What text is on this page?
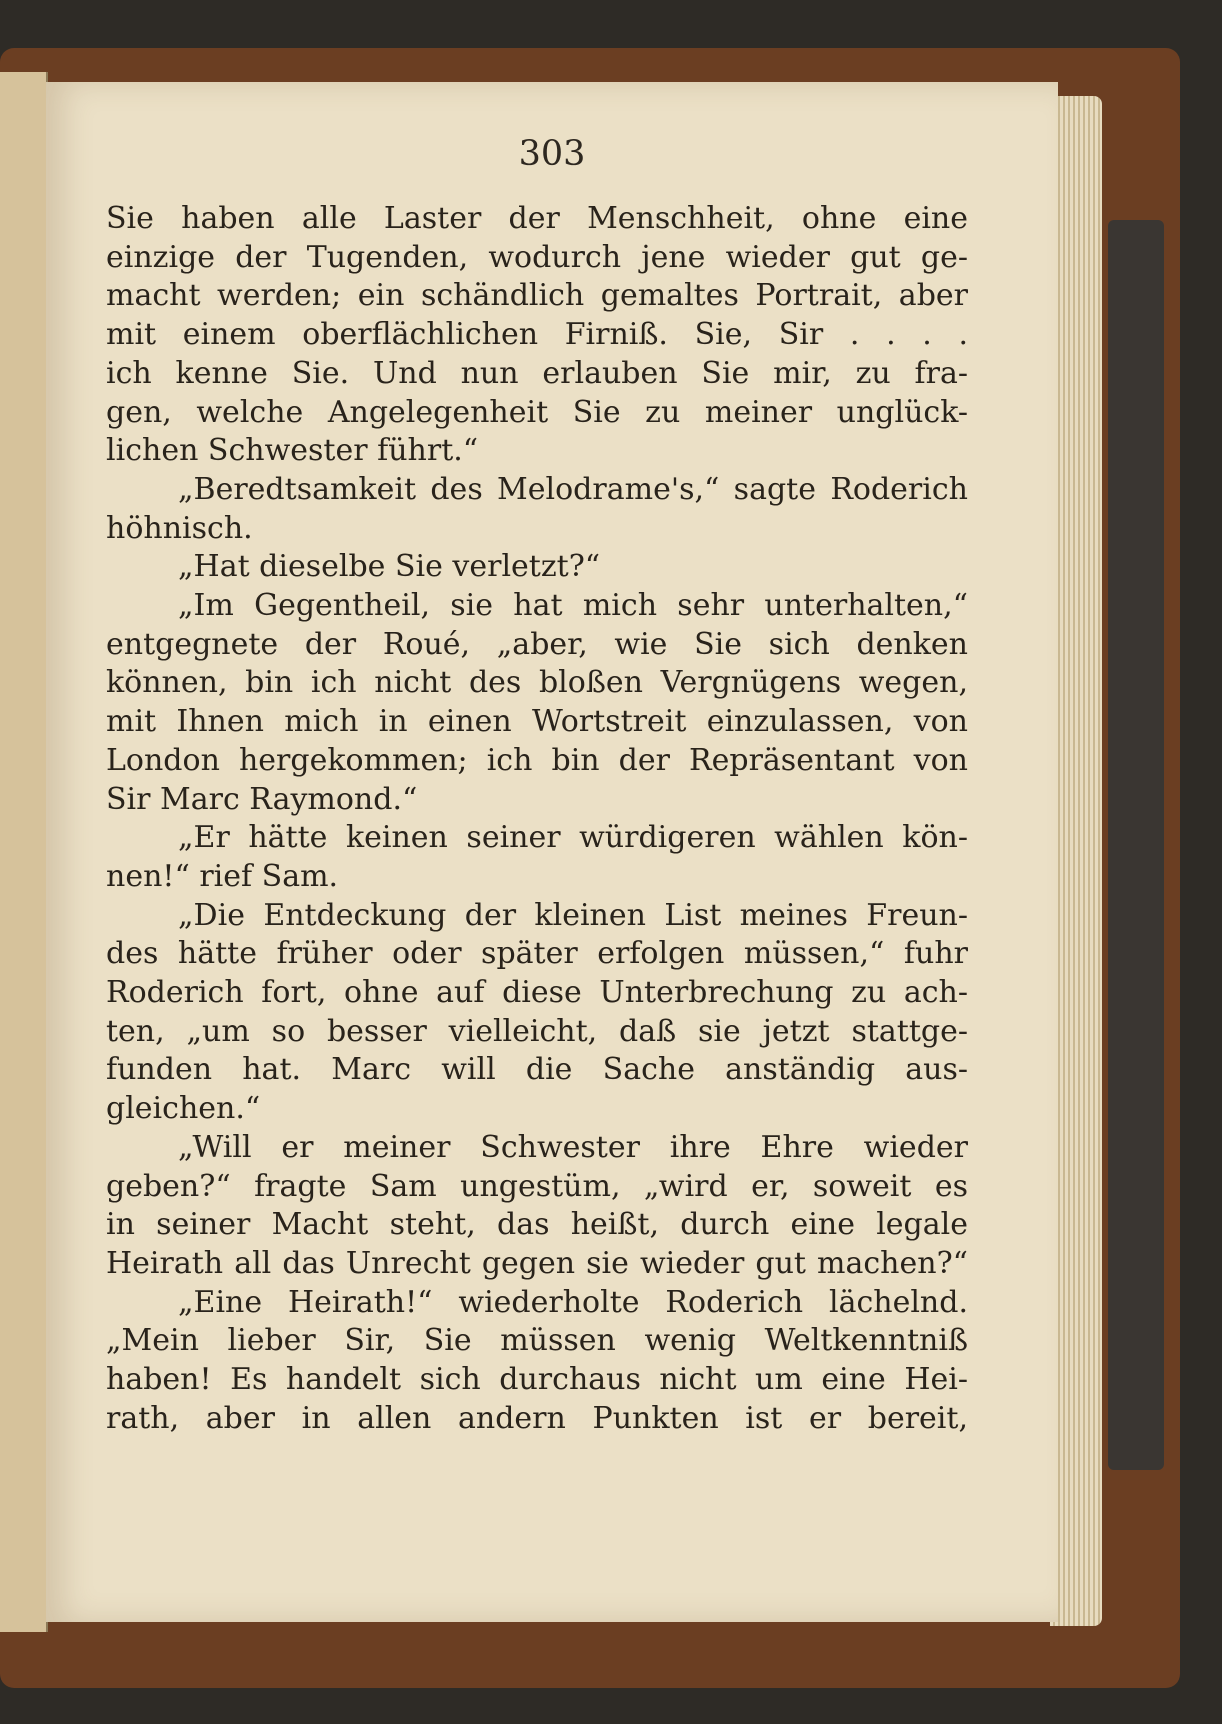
303
Sie haben alle Laster der Menschheit, ohne eine
einzige der Tugenden, wodurch jene wieder gut ge-
macht werden; ein schändlich gemaltes Portrait, aber
mit einem oberflächlichen Firniß. Sie, Sir . . . .
ich kenne Sie. Und nun erlauben Sie mir, zu fra-
gen, welche Angelegenheit Sie zu meiner unglück-
lichen Schwester führt.“
„Beredtsamkeit des Melodrame's,“ sagte Roderich
höhnisch.
„Hat dieselbe Sie verletzt?“
„Im Gegentheil, sie hat mich sehr unterhalten,“
entgegnete der Roué, „aber, wie Sie sich denken
können, bin ich nicht des bloßen Vergnügens wegen,
mit Ihnen mich in einen Wortstreit einzulassen, von
London hergekommen; ich bin der Repräsentant von
Sir Marc Raymond.“
„Er hätte keinen seiner würdigeren wählen kön-
nen!“ rief Sam.
„Die Entdeckung der kleinen List meines Freun-
des hätte früher oder später erfolgen müssen,“ fuhr
Roderich fort, ohne auf diese Unterbrechung zu ach-
ten, „um so besser vielleicht, daß sie jetzt stattge-
funden hat. Marc will die Sache anständig aus-
gleichen.“
„Will er meiner Schwester ihre Ehre wieder
geben?“ fragte Sam ungestüm, „wird er, soweit es
in seiner Macht steht, das heißt, durch eine legale
Heirath all das Unrecht gegen sie wieder gut machen?“
„Eine Heirath!“ wiederholte Roderich lächelnd.
„Mein lieber Sir, Sie müssen wenig Weltkenntniß
haben! Es handelt sich durchaus nicht um eine Hei-
rath, aber in allen andern Punkten ist er bereit,
